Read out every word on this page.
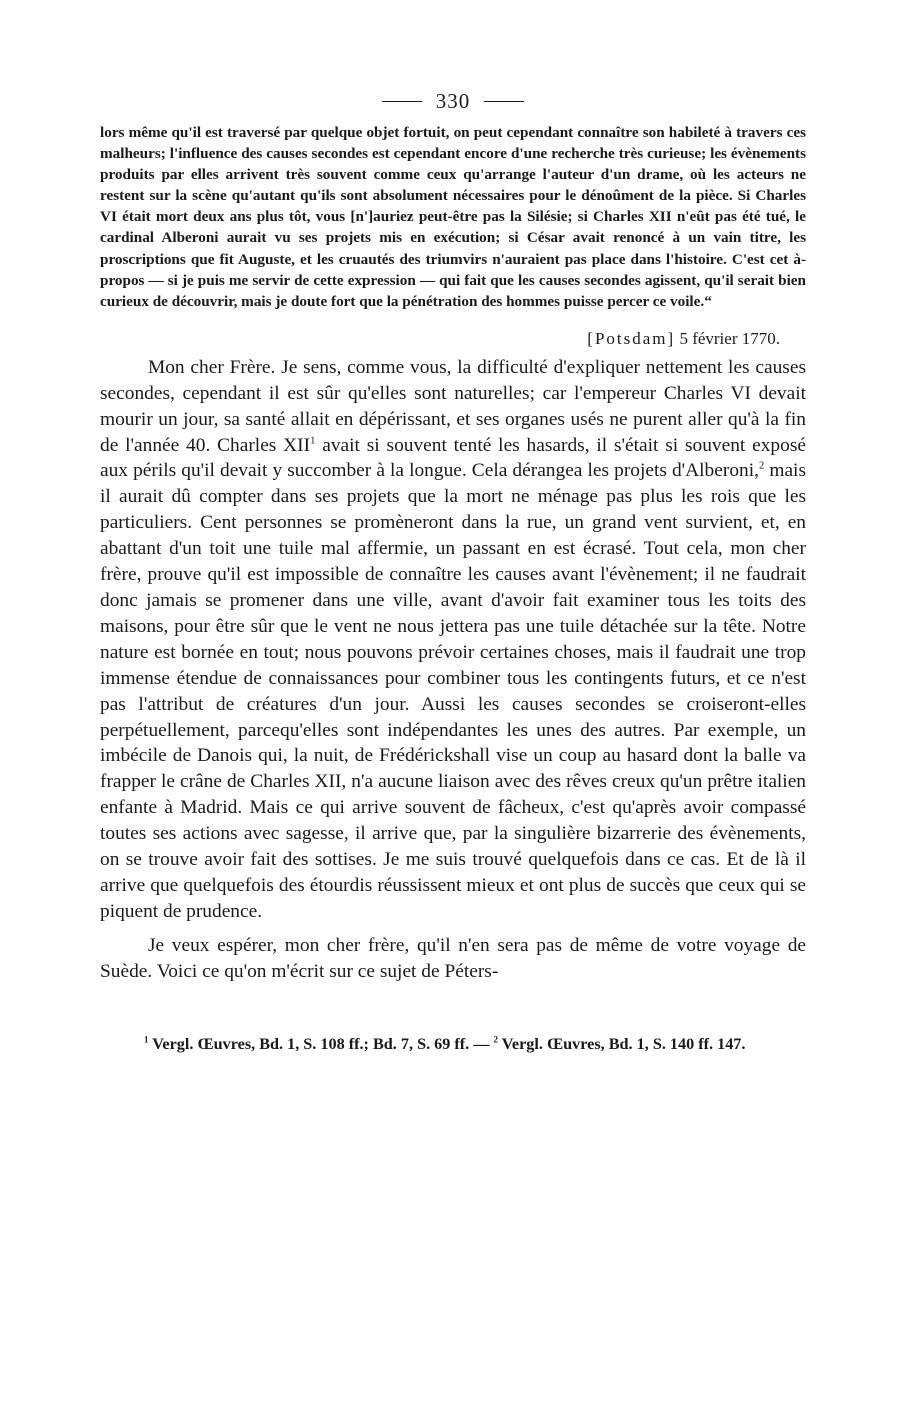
330

lors même qu'il est traversé par quelque objet fortuit, on peut cependant connaître son habileté à travers ces malheurs; l'influence des causes secondes est cependant encore d'une recherche très curieuse; les évènements produits par elles arrivent très souvent comme ceux qu'arrange l'auteur d'un drame, où les acteurs ne restent sur la scène qu'autant qu'ils sont absolument nécessaires pour le dénoûment de la pièce. Si Charles VI était mort deux ans plus tôt, vous [n']auriez peut-être pas la Silésie; si Charles XII n'eût pas été tué, le cardinal Alberoni aurait vu ses projets mis en exécution; si César avait renoncé à un vain titre, les proscriptions que fit Auguste, et les cruautés des triumvirs n'auraient pas place dans l'histoire. C'est cet à-propos — si je puis me servir de cette expression — qui fait que les causes secondes agissent, qu'il serait bien curieux de découvrir, mais je doute fort que la pénétration des hommes puisse percer ce voile.“

[Potsdam] 5 février 1770.

Mon cher Frère. Je sens, comme vous, la difficulté d'expliquer nettement les causes secondes, cependant il est sûr qu'elles sont naturelles; car l'empereur Charles VI devait mourir un jour, sa santé allait en dépérissant, et ses organes usés ne purent aller qu'à la fin de l'année 40. Charles XII$^1$ avait si souvent tenté les hasards, il s'était si souvent exposé aux périls qu'il devait y succomber à la longue. Cela dérangea les projets d'Alberoni,$^2$ mais il aurait dû compter dans ses projets que la mort ne ménage pas plus les rois que les particuliers. Cent personnes se promèneront dans la rue, un grand vent survient, et, en abattant d'un toit une tuile mal affermie, un passant en est écrasé. Tout cela, mon cher frère, prouve qu'il est impossible de connaître les causes avant l'évènement; il ne faudrait donc jamais se promener dans une ville, avant d'avoir fait examiner tous les toits des maisons, pour être sûr que le vent ne nous jettera pas une tuile détachée sur la tête. Notre nature est bornée en tout; nous pouvons prévoir certaines choses, mais il faudrait une trop immense étendue de connaissances pour combiner tous les contingents futurs, et ce n'est pas l'attribut de créatures d'un jour. Aussi les causes secondes se croiseront-elles perpétuellement, parcequ'elles sont indépendantes les unes des autres. Par exemple, un imbécile de Danois qui, la nuit, de Frédérickshall vise un coup au hasard dont la balle va frapper le crâne de Charles XII, n'a aucune liaison avec des rêves creux qu'un prêtre italien enfante à Madrid. Mais ce qui arrive souvent de fâcheux, c'est qu'après avoir compassé toutes ses actions avec sagesse, il arrive que, par la singulière bizarrerie des évènements, on se trouve avoir fait des sottises. Je me suis trouvé quelquefois dans ce cas. Et de là il arrive que quelquefois des étourdis réussissent mieux et ont plus de succès que ceux qui se piquent de prudence.

Je veux espérer, mon cher frère, qu'il n'en sera pas de même de votre voyage de Suède. Voici ce qu'on m'écrit sur ce sujet de Péters-

$^1$ Vergl. Œuvres, Bd. 1, S. 108 ff.; Bd. 7, S. 69 ff. — $^2$ Vergl. Œuvres, Bd. 1, S. 140 ff. 147.
